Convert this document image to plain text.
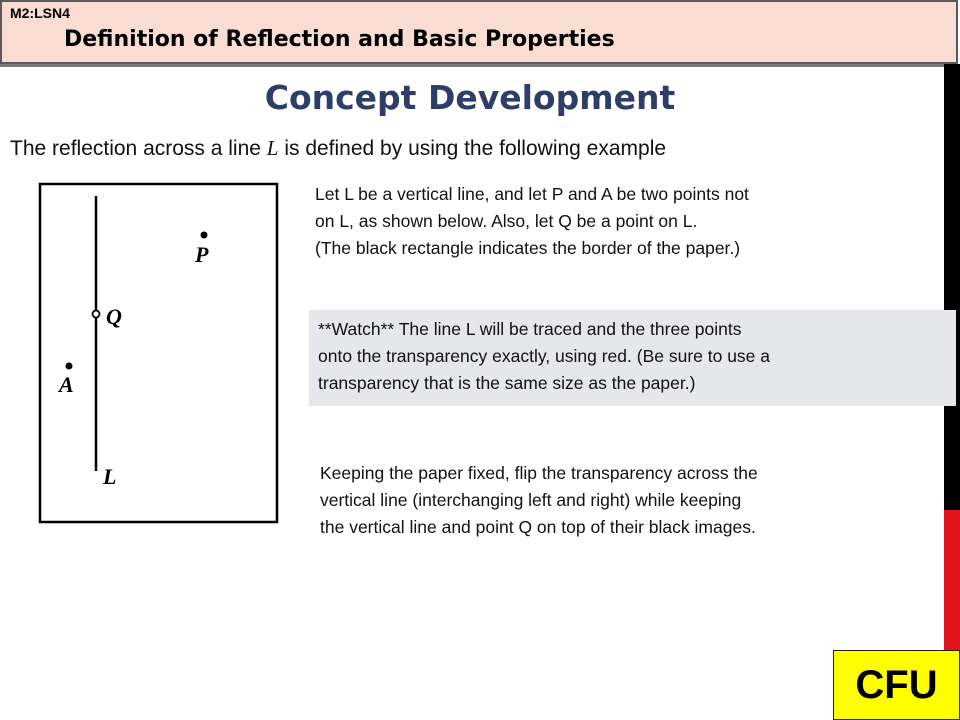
M2:LSN4
Definition of Reflection and Basic Properties
Concept Development
The reflection across a line L is defined by using the following example
P
Q
A
L
Let L be a vertical line, and let P and A be two points not
on L, as shown below. Also, let Q be a point on L.
(The black rectangle indicates the border of the paper.)
**Watch** The line L will be traced and the three points
onto the transparency exactly, using red. (Be sure to use a
transparency that is the same size as the paper.)
Keeping the paper fixed, flip the transparency across the
vertical line (interchanging left and right) while keeping
the vertical line and point Q on top of their black images.
CFU
